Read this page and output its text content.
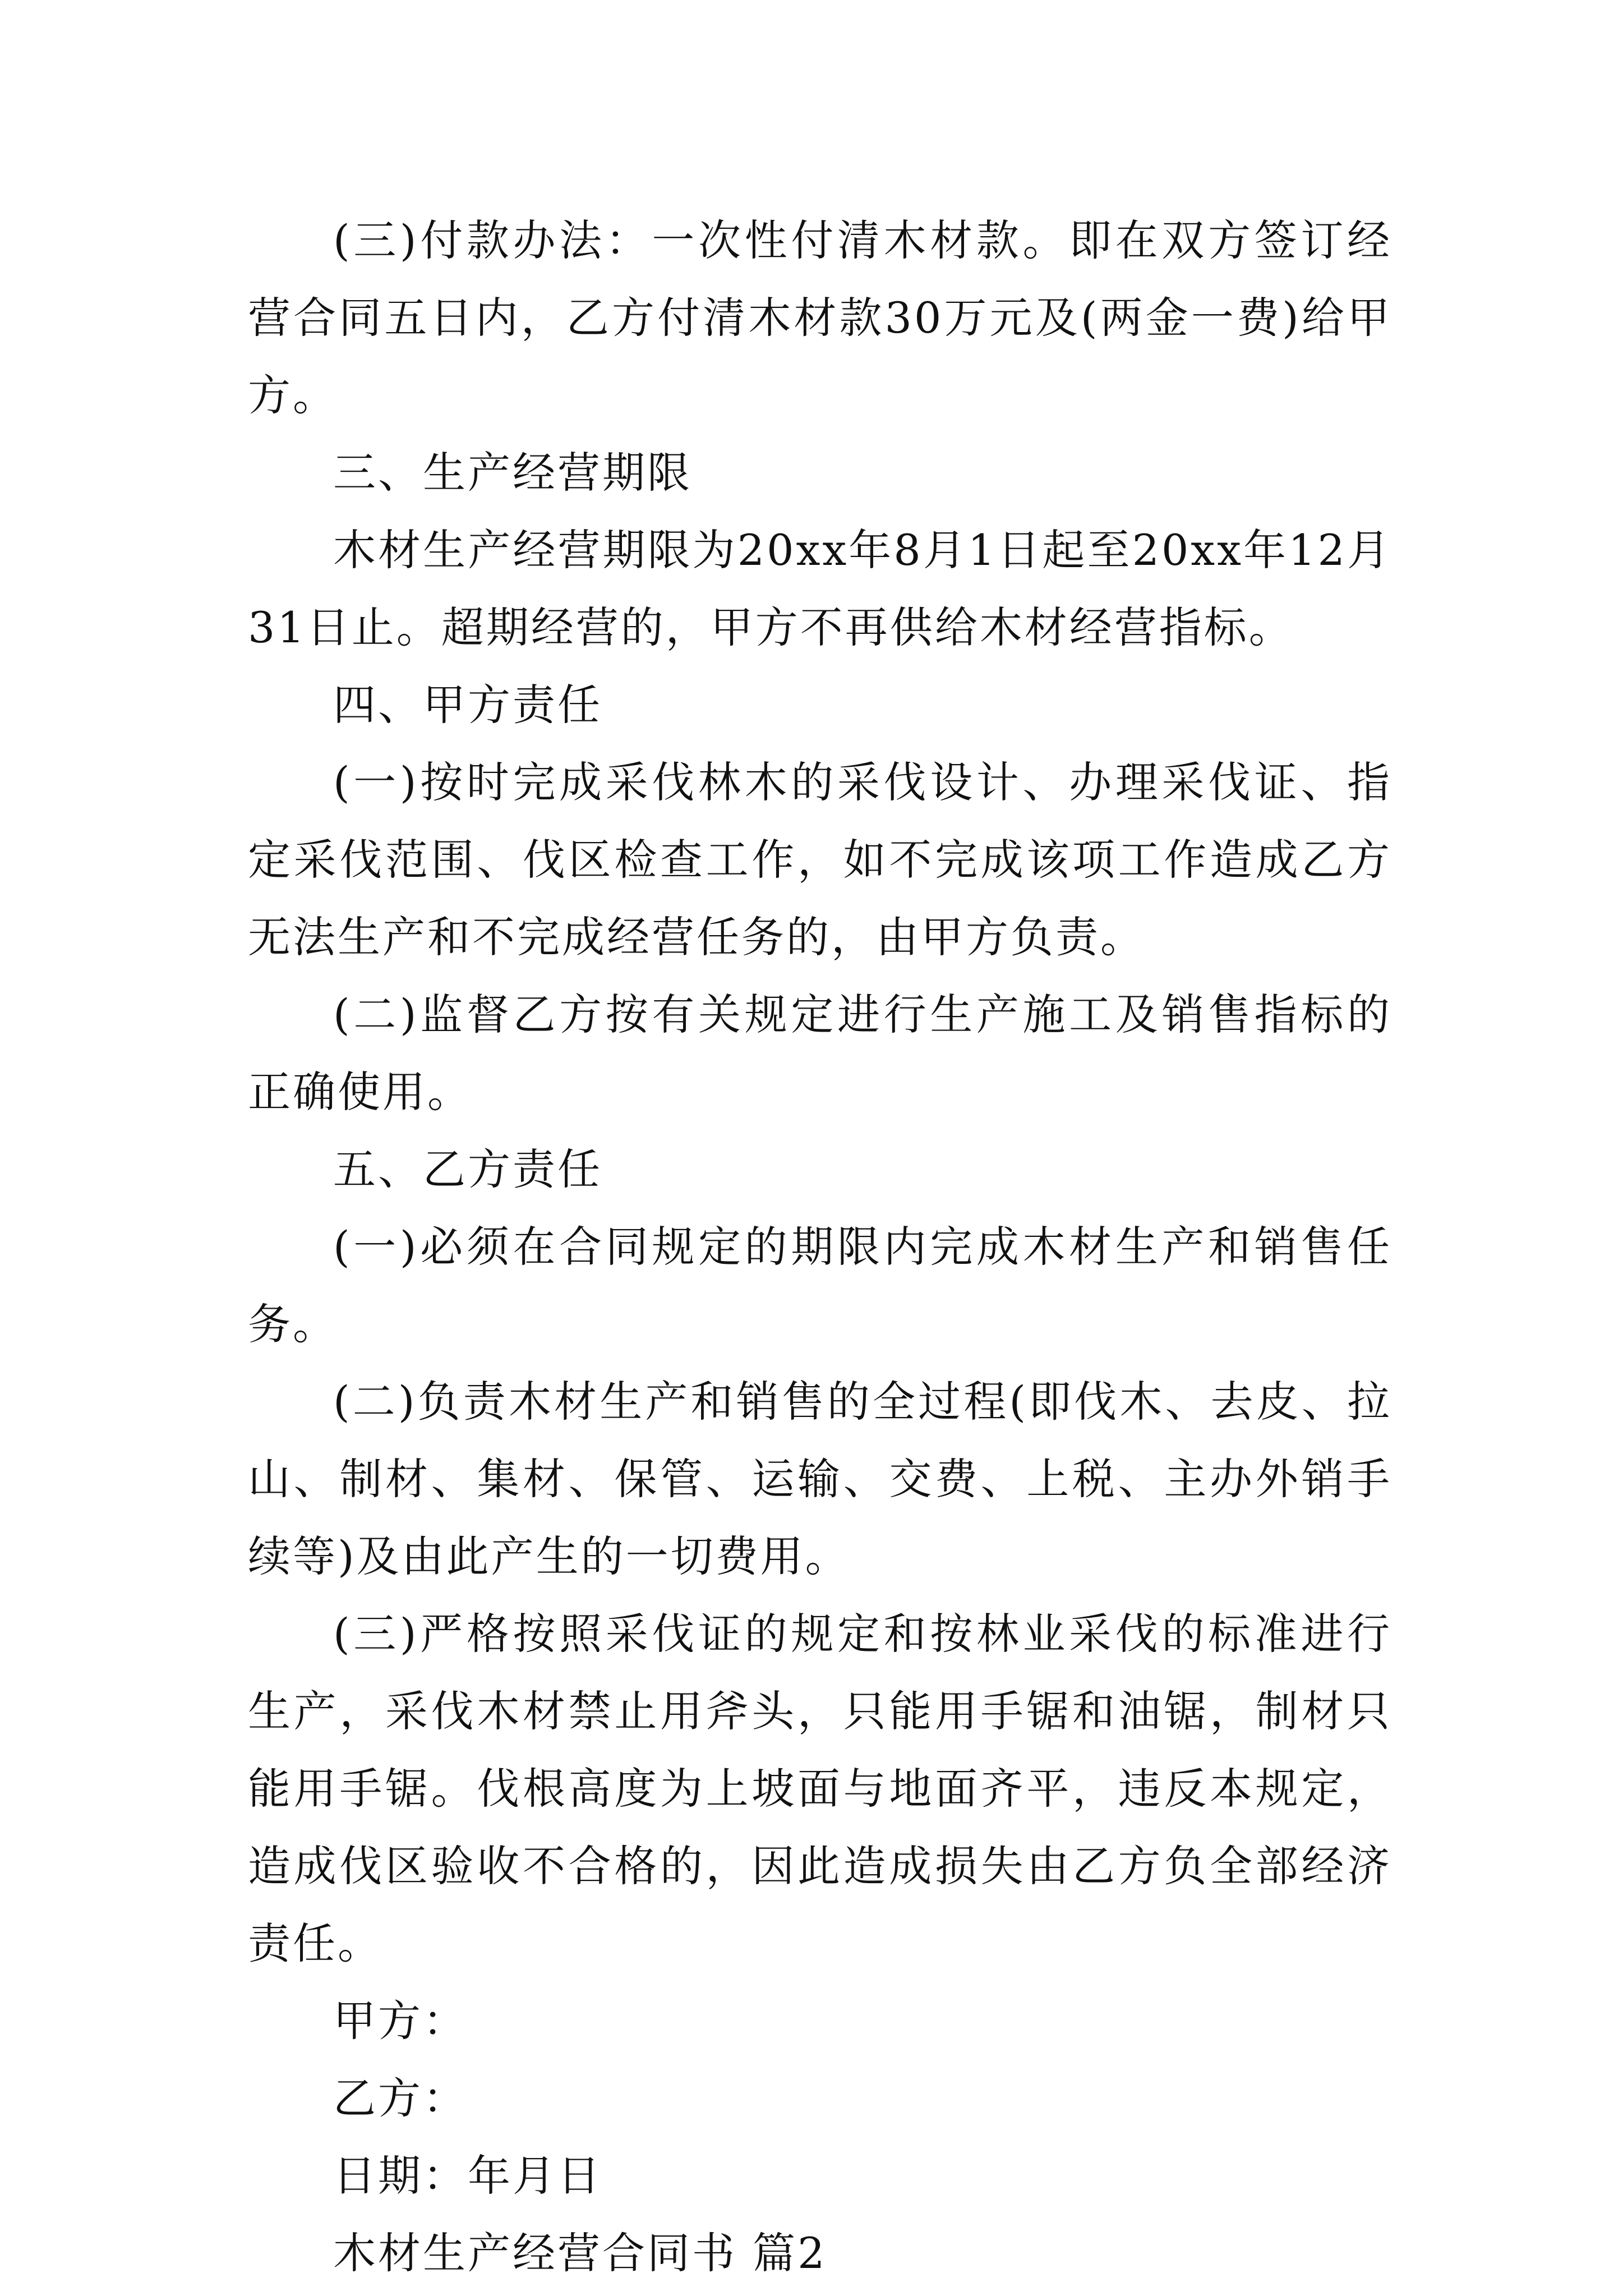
(三)付款办法：一次性付清木材款。即在双方签订经营合同五日内，乙方付清木材款30万元及(两金一费)给甲方。

三、生产经营期限

木材生产经营期限为20xx年8月1日起至20xx年12月31日止。超期经营的，甲方不再供给木材经营指标。

四、甲方责任

(一)按时完成采伐林木的采伐设计、办理采伐证、指定采伐范围、伐区检查工作，如不完成该项工作造成乙方无法生产和不完成经营任务的，由甲方负责。

(二)监督乙方按有关规定进行生产施工及销售指标的正确使用。

五、乙方责任

(一)必须在合同规定的期限内完成木材生产和销售任务。

(二)负责木材生产和销售的全过程(即伐木、去皮、拉山、制材、集材、保管、运输、交费、上税、主办外销手续等)及由此产生的一切费用。

(三)严格按照采伐证的规定和按林业采伐的标准进行生产，采伐木材禁止用斧头，只能用手锯和油锯，制材只能用手锯。伐根高度为上坡面与地面齐平，违反本规定，造成伐区验收不合格的，因此造成损失由乙方负全部经济责任。

甲方：

乙方：

日期：年月日

木材生产经营合同书 篇2
